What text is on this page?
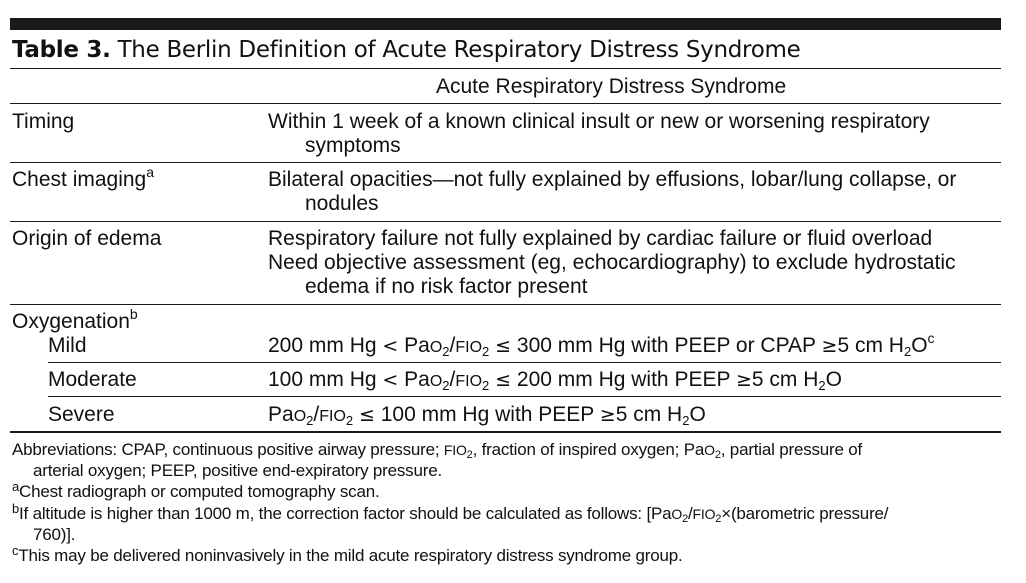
Table 3. The Berlin Definition of Acute Respiratory Distress Syndrome
Acute Respiratory Distress Syndrome
Timing	Within 1 week of a known clinical insult or new or worsening respiratory
symptoms
Chest imaging$^a$	Bilateral opacities—not fully explained by effusions, lobar/lung collapse, or
nodules
Origin of edema	Respiratory failure not fully explained by cardiac failure or fluid overload
Need objective assessment (eg, echocardiography) to exclude hydrostatic
edema if no risk factor present
Oxygenation$^b$
Mild	200 mm $Hg < PaO_2/FIO_2 \le 300$ mm Hg with PEEP or CPAP ≥5 cm $H_2O^c$
Moderate	100 mm $Hg < PaO_2/FIO_2 \le 200$ mm Hg with PEEP ≥5 cm $H_2O$
Severe	$PaO_2/FIO_2 \le 100$ mm Hg with PEEP ≥5 cm $H_2O$
Abbreviations: CPAP, continuous positive airway pressure; $FIO_2$, fraction of inspired oxygen; PaO$_2$, partial pressure of
arterial oxygen; PEEP, positive end-expiratory pressure.
$^a$Chest radiograph or computed tomography scan.
$^b$If altitude is higher than 1000 m, the correction factor should be calculated as follows: [$PaO_2/FIO_2\times(barometric$ pressure/
760)].
$^c$This may be delivered noninvasively in the mild acute respiratory distress syndrome group.
